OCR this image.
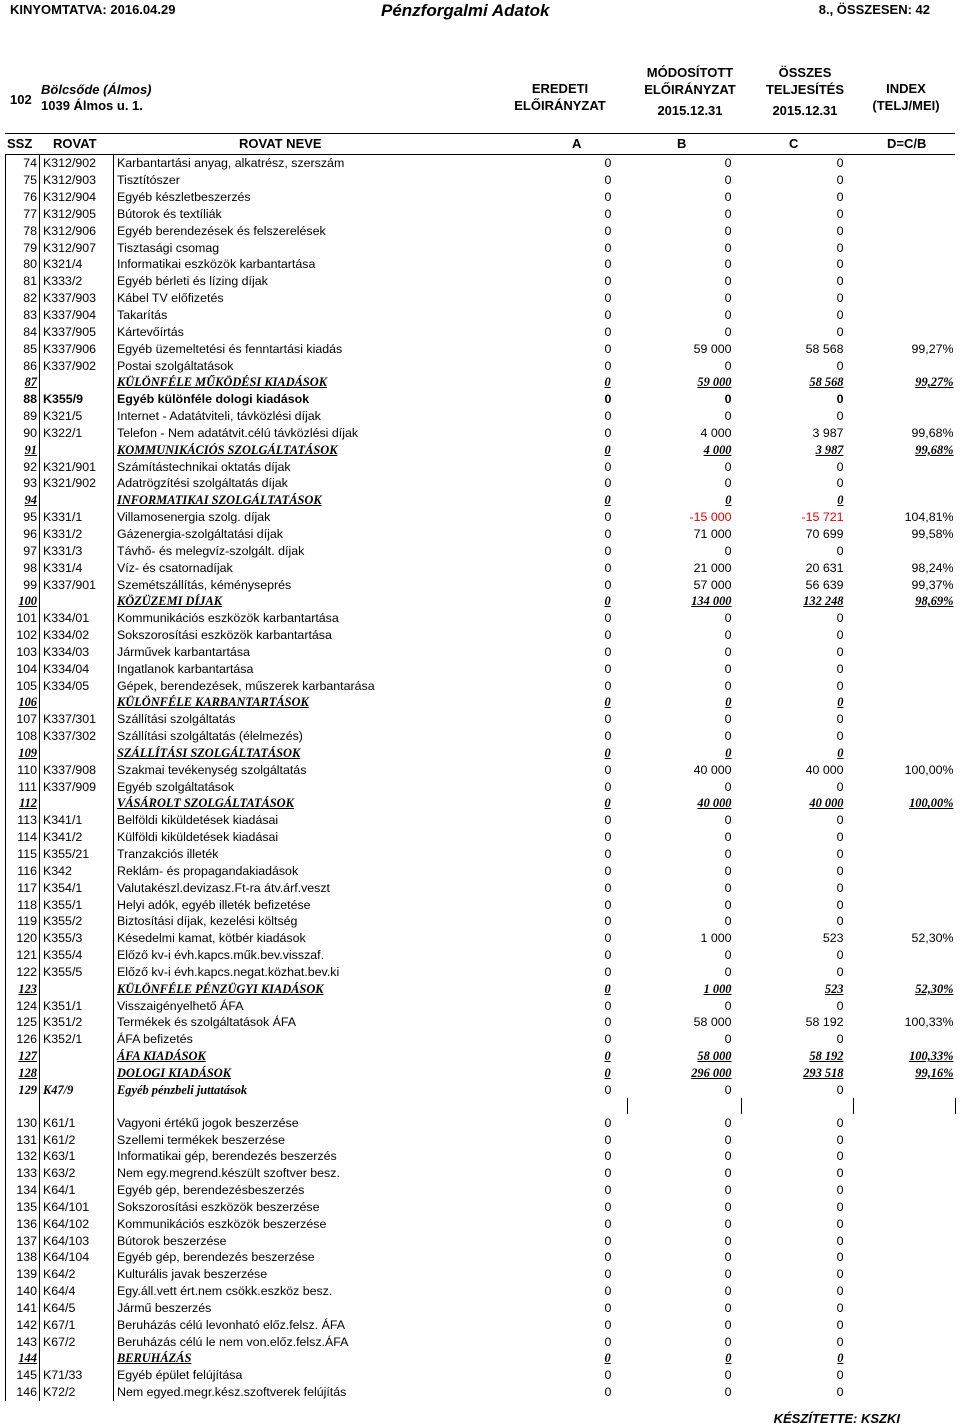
KINYOMTATVA: 2016.04.29	Pénzforgalmi Adatok	8., ÖSSZESEN: 42
102
Bölcsőde (Álmos)
1039 Álmos u. 1.
EREDETI
ELŐIRÁNYZAT
MÓDOSÍTOTT
ELŐIRÁNYZAT
2015.12.31
ÖSSZES
TELJESÍTÉS
2015.12.31
INDEX
(TELJ/MEI)
SSZ ROVAT	ROVAT NEVE	A	B	C	D=C/B
74	K312/902	Karbantartási anyag, alkatrész, szerszám	0	0	0	
75	K312/903	Tisztítószer	0	0	0	
76	K312/904	Egyéb készletbeszerzés	0	0	0	
77	K312/905	Bútorok és textíliák	0	0	0	
78	K312/906	Egyéb berendezések és felszerelések	0	0	0	
79	K312/907	Tisztasági csomag	0	0	0	
80	K321/4	Informatikai eszközök karbantartása	0	0	0	
81	K333/2	Egyéb bérleti és lízing díjak	0	0	0	
82	K337/903	Kábel TV előfizetés	0	0	0	
83	K337/904	Takarítás	0	0	0	
84	K337/905	Kártevőírtás	0	0	0	
85	K337/906	Egyéb üzemeltetési és fenntartási kiadás	0	59 000	58 568	99,27%
86	K337/902	Postai szolgáltatások	0	0	0	
87		KÜLÖNFÉLE MŰKÖDÉSI KIADÁSOK	0	59 000	58 568	99,27%
88	K355/9	Egyéb különféle dologi kiadások	0	0	0	
89	K321/5	Internet - Adatátviteli, távközlési díjak	0	0	0	
90	K322/1	Telefon - Nem adatátvit.célú távközlési díjak	0	4 000	3 987	99,68%
91		KOMMUNIKÁCIÓS SZOLGÁLTATÁSOK	0	4 000	3 987	99,68%
92	K321/901	Számítástechnikai oktatás díjak	0	0	0	
93	K321/902	Adatrögzítési szolgáltatás díjak	0	0	0	
94		INFORMATIKAI SZOLGÁLTATÁSOK	0	0	0	
95	K331/1	Villamosenergia szolg. díjak	0	-15 000	-15 721	104,81%
96	K331/2	Gázenergia-szolgáltatási díjak	0	71 000	70 699	99,58%
97	K331/3	Távhő- és melegvíz-szolgált. díjak	0	0	0	
98	K331/4	Víz- és csatornadíjak	0	21 000	20 631	98,24%
99	K337/901	Szemétszállítás, kéményseprés	0	57 000	56 639	99,37%
100		KÖZÜZEMI DÍJAK	0	134 000	132 248	98,69%
101	K334/01	Kommunikációs eszközök karbantartása	0	0	0	
102	K334/02	Sokszorosítási eszközök karbantartása	0	0	0	
103	K334/03	Járművek karbantartása	0	0	0	
104	K334/04	Ingatlanok karbantartása	0	0	0	
105	K334/05	Gépek, berendezések, műszerek karbantarása	0	0	0	
106		KÜLÖNFÉLE KARBANTARTÁSOK	0	0	0	
107	K337/301	Szállítási szolgáltatás	0	0	0	
108	K337/302	Szállítási szolgáltatás (élelmezés)	0	0	0	
109		SZÁLLÍTÁSI SZOLGÁLTATÁSOK	0	0	0	
110	K337/908	Szakmai tevékenység szolgáltatás	0	40 000	40 000	100,00%
111	K337/909	Egyéb szolgáltatások	0	0	0	
112		VÁSÁROLT SZOLGÁLTATÁSOK	0	40 000	40 000	100,00%
113	K341/1	Belföldi kiküldetések kiadásai	0	0	0	
114	K341/2	Külföldi kiküldetések kiadásai	0	0	0	
115	K355/21	Tranzakciós illeték	0	0	0	
116	K342	Reklám- és propagandakiadások	0	0	0	
117	K354/1	Valutakészl.devizasz.Ft-ra átv.árf.veszt	0	0	0	
118	K355/1	Helyi adók, egyéb illeték befizetése	0	0	0	
119	K355/2	Biztosítási díjak, kezelési költség	0	0	0	
120	K355/3	Késedelmi kamat, kötbér kiadások	0	1 000	523	52,30%
121	K355/4	Előző kv-i évh.kapcs.műk.bev.visszaf.	0	0	0	
122	K355/5	Előző kv-i évh.kapcs.negat.közhat.bev.ki	0	0	0	
123		KÜLÖNFÉLE PÉNZÜGYI KIADÁSOK	0	1 000	523	52,30%
124	K351/1	Visszaigényelhető ÁFA	0	0	0	
125	K351/2	Termékek és szolgáltatások ÁFA	0	58 000	58 192	100,33%
126	K352/1	ÁFA befizetés	0	0	0	
127		ÁFA KIADÁSOK	0	58 000	58 192	100,33%
128		DOLOGI KIADÁSOK	0	296 000	293 518	99,16%
129	K47/9	Egyéb pénzbeli juttatások	0	0	0	

130	K61/1	Vagyoni értékű jogok beszerzése	0	0	0	
131	K61/2	Szellemi termékek beszerzése	0	0	0	
132	K63/1	Informatikai gép, berendezés beszerzés	0	0	0	
133	K63/2	Nem egy.megrend.készült szoftver besz.	0	0	0	
134	K64/1	Egyéb gép, berendezésbeszerzés	0	0	0	
135	K64/101	Sokszorosítási eszközök beszerzése	0	0	0	
136	K64/102	Kommunikációs eszközök beszerzése	0	0	0	
137	K64/103	Bútorok beszerzése	0	0	0	
138	K64/104	Egyéb gép, berendezés beszerzése	0	0	0	
139	K64/2	Kulturális javak beszerzése	0	0	0	
140	K64/4	Egy.áll.vett ért.nem csökk.eszköz besz.	0	0	0	
141	K64/5	Jármű beszerzés	0	0	0	
142	K67/1	Beruházás célú levonható előz.felsz. ÁFA	0	0	0	
143	K67/2	Beruházás célú le nem von.előz.felsz.ÁFA	0	0	0	
144		BERUHÁZÁS	0	0	0	
145	K71/33	Egyéb épület felújítása	0	0	0	
146	K72/2	Nem egyed.megr.kész.szoftverek felújítás	0	0	0	
KÉSZÍTETTE: KSZKI
